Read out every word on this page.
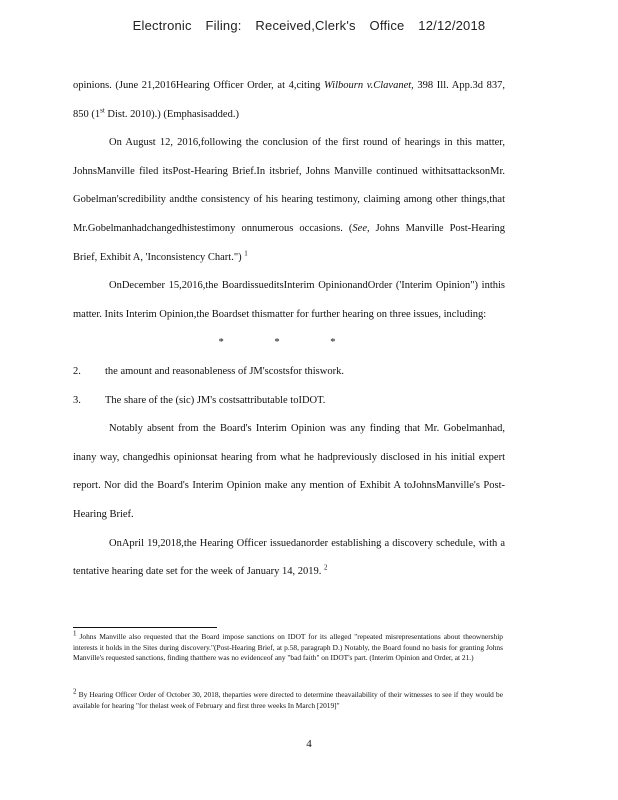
Electronic Filing: Received,Clerk's Office 12/12/2018

opinions. (June 21,2016Hearing Officer Order, at 4,citing Wilbourn v.Clavanet, 398 Ill. App.3d 837, 850 (1st Dist. 2010).) (Emphasisadded.)

On August 12, 2016,following the conclusion of the first round of hearings in this matter, JohnsManville filed itsPost-Hearing Brief.In itsbrief, Johns Manville continued withitsattacksonMr. Gobelman'scredibility andthe consistency of his hearing testimony, claiming among other things,that Mr.Gobelmanhadchangedhistestimony onnumerous occasions. (See, Johns Manville Post-Hearing Brief, Exhibit A, 'Inconsistency Chart.") $^1$

OnDecember 15,2016,the BoardissueditsInterim OpinionandOrder ('Interim Opinion") inthis matter. Inits Interim Opinion,the Boardset thismatter for further hearing on three issues, including:

* * *

2. the amount and reasonableness of JM'scostsfor thiswork.

3. The share of the (sic) JM's costsattributable toIDOT.

Notably absent from the Board's Interim Opinion was any finding that Mr. Gobelmanhad, inany way, changedhis opinionsat hearing from what he hadpreviously disclosed in his initial expert report. Nor did the Board's Interim Opinion make any mention of Exhibit A toJohnsManville's Post-Hearing Brief.

OnApril 19,2018,the Hearing Officer issuedanorder establishing a discovery schedule, with a tentative hearing date set for the week of January 14, 2019. $^2$

$^1$ Johns Manville also requested that the Board impose sanctions on IDOT for its alleged "repeated misrepresentations about theownership interests it holds in the Sites during discovery."(Post-Hearing Brief, at p.58, paragraph D.) Notably, the Board found no basis for granting Johns Manville's requested sanctions, finding thatthere was no evidenceof any "bad faith" on IDOT's part. (Interim Opinion and Order, at 21.)
$^2$ By Hearing Officer Order of October 30, 2018, theparties were directed to determine theavailability of their witnesses to see if they would be available for hearing "for thelast week of February and first three weeks In March [2019]"
4
